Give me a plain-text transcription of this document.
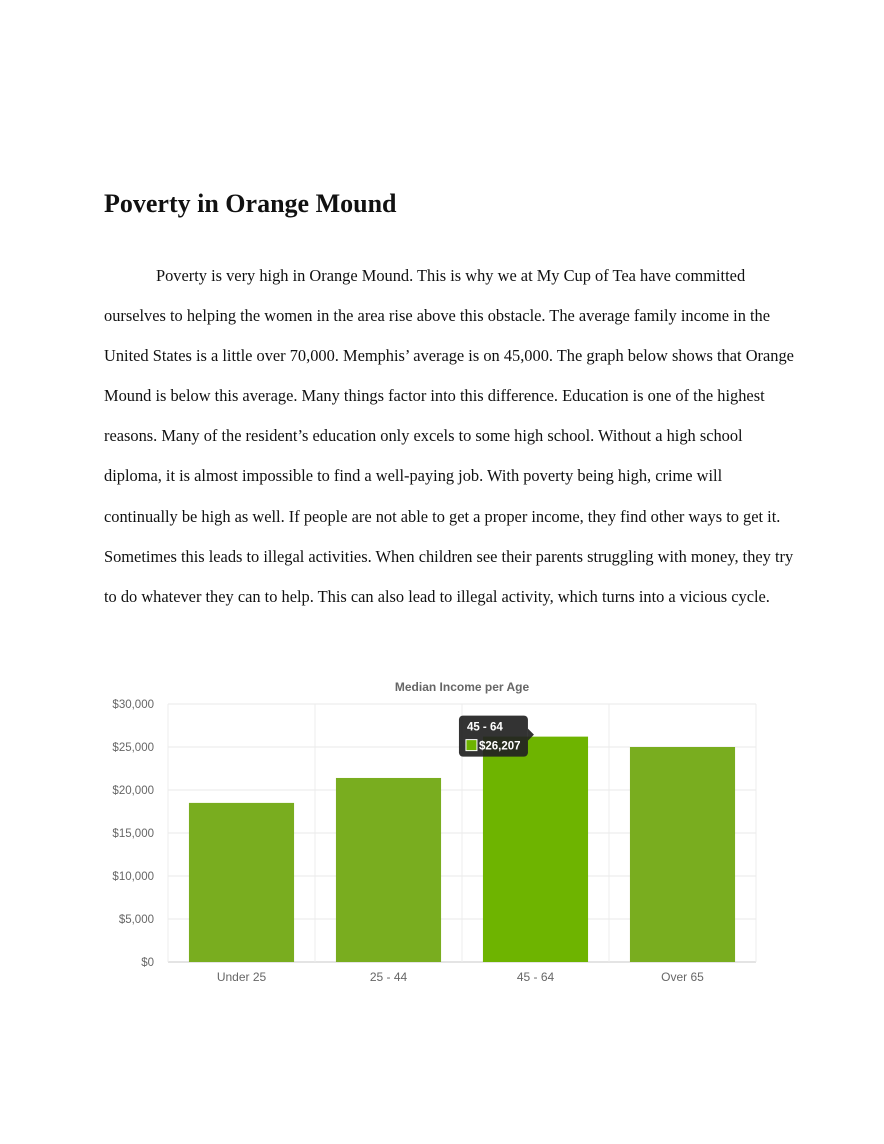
Poverty in Orange Mound

Poverty is very high in Orange Mound. This is why we at My Cup of Tea have committed ourselves to helping the women in the area rise above this obstacle. The average family income in the United States is a little over 70,000. Memphis’ average is on 45,000. The graph below shows that Orange Mound is below this average. Many things factor into this difference. Education is one of the highest reasons. Many of the resident’s education only excels to some high school. Without a high school diploma, it is almost impossible to find a well-paying job. With poverty being high, crime will continually be high as well. If people are not able to get a proper income, they find other ways to get it. Sometimes this leads to illegal activities. When children see their parents struggling with money, they try to do whatever they can to help. This can also lead to illegal activity, which turns into a vicious cycle.

Median Income per Age
$0
$5,000
$10,000
$15,000
$20,000
$25,000
$30,000
Under 25	25 - 44	45 - 64	Over 65
45 - 64
$26,207
